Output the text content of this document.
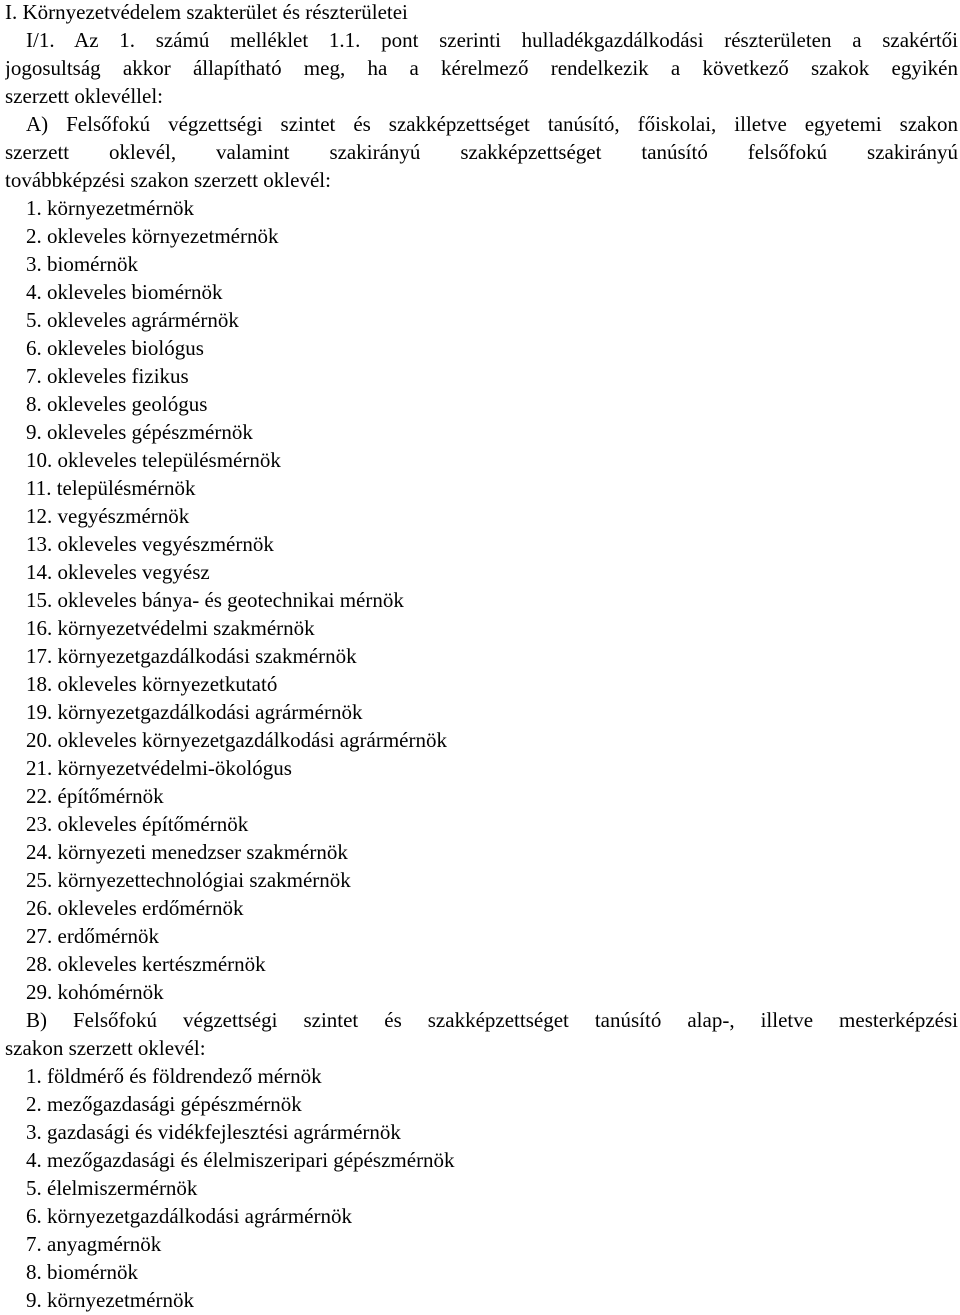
I. Környezetvédelem szakterület és részterületei
I/1. Az 1. számú melléklet 1.1. pont szerinti hulladékgazdálkodási részterületen a szakértői
jogosultság akkor állapítható meg, ha a kérelmező rendelkezik a következő szakok egyikén
szerzett oklevéllel:
A) Felsőfokú végzettségi szintet és szakképzettséget tanúsító, főiskolai, illetve egyetemi szakon
szerzett oklevél, valamint szakirányú szakképzettséget tanúsító felsőfokú szakirányú
továbbképzési szakon szerzett oklevél:
1. környezetmérnök
2. okleveles környezetmérnök
3. biomérnök
4. okleveles biomérnök
5. okleveles agrármérnök
6. okleveles biológus
7. okleveles fizikus
8. okleveles geológus
9. okleveles gépészmérnök
10. okleveles településmérnök
11. településmérnök
12. vegyészmérnök
13. okleveles vegyészmérnök
14. okleveles vegyész
15. okleveles bánya- és geotechnikai mérnök
16. környezetvédelmi szakmérnök
17. környezetgazdálkodási szakmérnök
18. okleveles környezetkutató
19. környezetgazdálkodási agrármérnök
20. okleveles környezetgazdálkodási agrármérnök
21. környezetvédelmi-ökológus
22. építőmérnök
23. okleveles építőmérnök
24. környezeti menedzser szakmérnök
25. környezettechnológiai szakmérnök
26. okleveles erdőmérnök
27. erdőmérnök
28. okleveles kertészmérnök
29. kohómérnök
B) Felsőfokú végzettségi szintet és szakképzettséget tanúsító alap-, illetve mesterképzési
szakon szerzett oklevél:
1. földmérő és földrendező mérnök
2. mezőgazdasági gépészmérnök
3. gazdasági és vidékfejlesztési agrármérnök
4. mezőgazdasági és élelmiszeripari gépészmérnök
5. élelmiszermérnök
6. környezetgazdálkodási agrármérnök
7. anyagmérnök
8. biomérnök
9. környezetmérnök
